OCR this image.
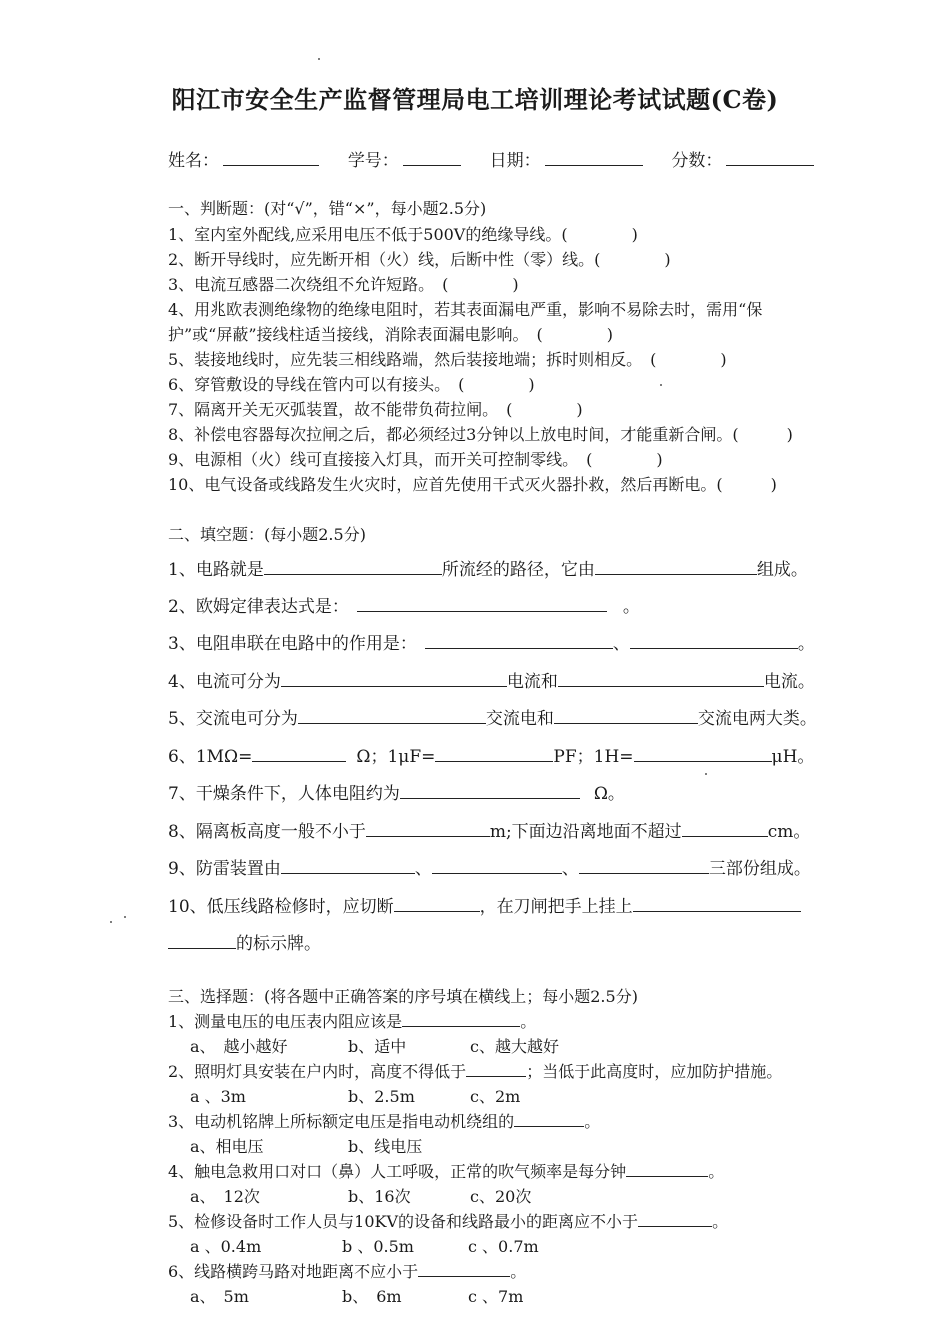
阳江市安全生产监督管理局电工培训理论考试试题(C卷)
姓名：	学号：	日期：	分数：
一、判断题：(对“√”，错“×”，每小题2.5分)
1、室内室外配线,应采用电压不低于500V的绝缘导线。(　　　　)
2、断开导线时，应先断开相（火）线，后断中性（零）线。(　　　　)
3、电流互感器二次绕组不允许短路。　(　　　　)
4、用兆欧表测绝缘物的绝缘电阻时，若其表面漏电严重，影响不易除去时，需用“保
护”或“屏蔽”接线柱适当接线，消除表面漏电影响。　(　　　　)
5、装接地线时，应先装三相线路端，然后装接地端；拆时则相反。　(　　　　)
6、穿管敷设的导线在管内可以有接头。　(　　　　)
7、隔离开关无灭弧装置，故不能带负荷拉闸。　(　　　　)
8、补偿电容器每次拉闸之后，都必须经过3分钟以上放电时间，才能重新合闸。(　　　)
9、电源相（火）线可直接接入灯具，而开关可控制零线。　(　　　　)
10、电气设备或线路发生火灾时，应首先使用干式灭火器扑救，然后再断电。(　　　)
二、填空题：(每小题2.5分)
1、电路就是	所流经的路径，它由	组成。
2、欧姆定律表达式是：	。
3、电阻串联在电路中的作用是：	、	。
4、电流可分为	电流和	电流。
5、交流电可分为	交流电和	交流电两大类。
6、1MΩ=	Ω；1μF=	PF；1H=	μH。
7、干燥条件下，人体电阻约为	Ω。
8、隔离板高度一般不小于	m;下面边沿离地面不超过	cm。
9、防雷装置由	、	、	三部份组成。
10、低压线路检修时，应切断	，在刀闸把手上挂上
的标示牌。
三、选择题：(将各题中正确答案的序号填在横线上；每小题2.5分)
1、测量电压的电压表内阻应该是	。
a、　越小越好	b、适中	c、越大越好
2、照明灯具安装在户内时，高度不得低于	；当低于此高度时，应加防护措施。
a 、3m	b、2.5m	c、2m
3、电动机铭牌上所标额定电压是指电动机绕组的	。
a、相电压	b、线电压
4、触电急救用口对口（鼻）人工呼吸，正常的吹气频率是每分钟	。
a、　12次	b、16次	c、20次
5、检修设备时工作人员与10KV的设备和线路最小的距离应不小于	。
a 、0.4m	b 、0.5m	c 、0.7m
6、线路横跨马路对地距离不应小于	。
a、　5m	b、　6m	c 、7m
